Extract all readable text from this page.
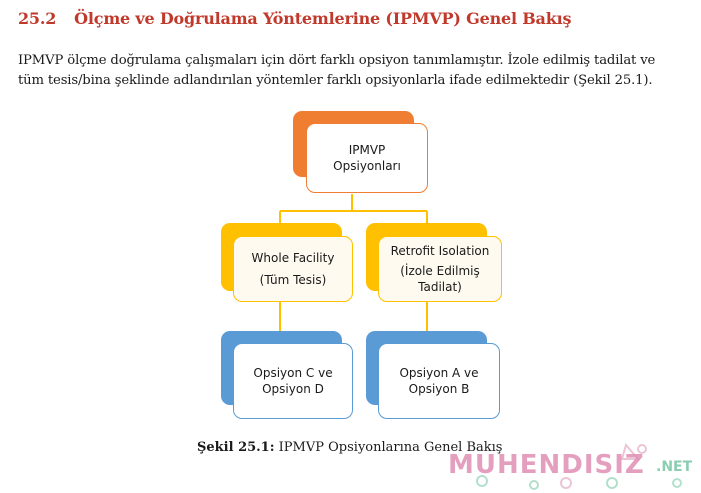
25.2 Ölçme ve Doğrulama Yöntemlerine (IPMVP) Genel Bakış

IPMVP ölçme doğrulama çalışmaları için dört farklı opsiyon tanımlamıştır. İzole edilmiş tadilat ve
tüm tesis/bina şeklinde adlandırılan yöntemler farklı opsiyonlarla ifade edilmektedir (Şekil 25.1).

IPMVP
Opsiyonları
Whole Facility
(Tüm Tesis)
Retrofit Isolation
(İzole Edilmiş
Tadilat)
Opsiyon C ve
Opsiyon D
Opsiyon A ve
Opsiyon B

Şekil 25.1: IPMVP Opsiyonlarına Genel Bakış

MUHENDISIZ .NET
